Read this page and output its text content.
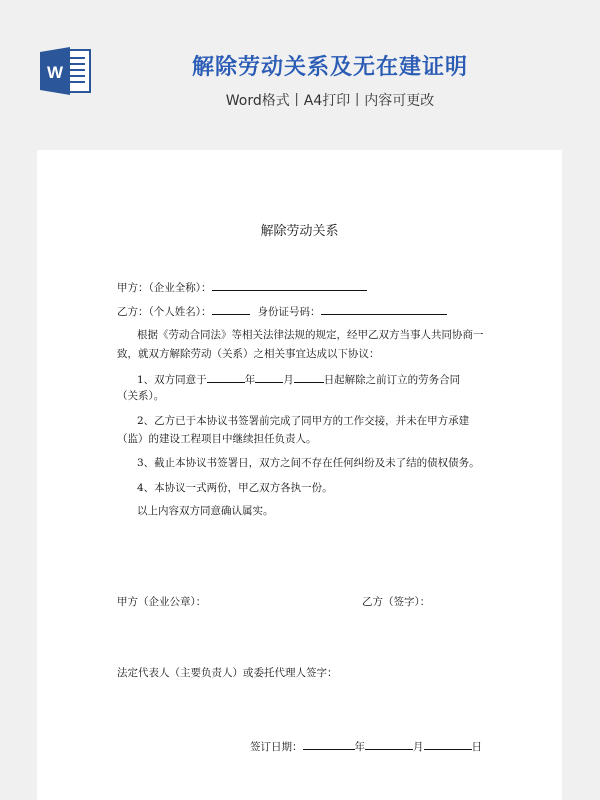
W	解除劳动关系及无在建证明
Word格式丨A4打印丨内容可更改
解除劳动关系
甲方：（企业全称）：
乙方：（个人姓名）：	身份证号码：
根据《劳动合同法》等相关法律法规的规定，经甲乙双方当事人共同协商一
致，就双方解除劳动（关系）之相关事宜达成以下协议：
1、双方同意于	年	月	日起解除之前订立的劳务合同
（关系）。
2、乙方已于本协议书签署前完成了同甲方的工作交接，并未在甲方承建
（监）的建设工程项目中继续担任负责人。
3、截止本协议书签署日，双方之间不存在任何纠纷及未了结的债权债务。
4、本协议一式两份，甲乙双方各执一份。
以上内容双方同意确认属实。
甲方（企业公章）：	乙方（签字）：
法定代表人（主要负责人）或委托代理人签字：
签订日期：	年	月	日
